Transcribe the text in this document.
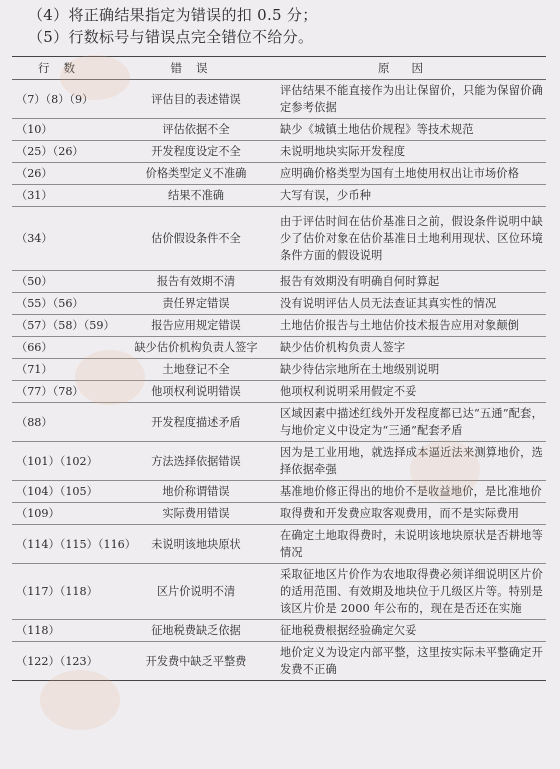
（4）将正确结果指定为错误的扣 0.5 分；
（5）行数标号与错误点完全错位不给分。
行数	错误	原因
（7）（8）（9）	评估目的表述错误	评估结果不能直接作为出让保留价，只能为保留价确定参考依据
（10）	评估依据不全	缺少《城镇土地估价规程》等技术规范
（25）（26）	开发程度设定不全	未说明地块实际开发程度
（26）	价格类型定义不准确	应明确价格类型为国有土地使用权出让市场价格
（31）	结果不准确	大写有误，少币种
（34）	估价假设条件不全	由于评估时间在估价基准日之前，假设条件说明中缺少了估价对象在估价基准日土地利用现状、区位环境条件方面的假设说明
（50）	报告有效期不清	报告有效期没有明确自何时算起
（55）（56）	责任界定错误	没有说明评估人员无法查证其真实性的情况
（57）（58）（59）	报告应用规定错误	土地估价报告与土地估价技术报告应用对象颠倒
（66）	缺少估价机构负责人签字	缺少估价机构负责人签字
（71）	土地登记不全	缺少待估宗地所在土地级别说明
（77）（78）	他项权利说明错误	他项权利说明采用假定不妥
（88）	开发程度描述矛盾	区域因素中描述红线外开发程度都已达“五通”配套，与地价定义中设定为“三通”配套矛盾
（101）（102）	方法选择依据错误	因为是工业用地，就选择成本逼近法来测算地价，选择依据牵强
（104）（105）	地价称谓错误	基准地价修正得出的地价不是收益地价，是比准地价
（109）	实际费用错误	取得费和开发费应取客观费用，而不是实际费用
（114）（115）（116）	未说明该地块原状	在确定土地取得费时，未说明该地块原状是否耕地等情况
（117）（118）	区片价说明不清	采取征地区片价作为农地取得费必须详细说明区片价的适用范围、有效期及地块位于几级区片等。特别是该区片价是 2000 年公布的，现在是否还在实施
（118）	征地税费缺乏依据	征地税费根据经验确定欠妥
（122）（123）	开发费中缺乏平整费	地价定义为设定内部平整，这里按实际未平整确定开发费不正确
